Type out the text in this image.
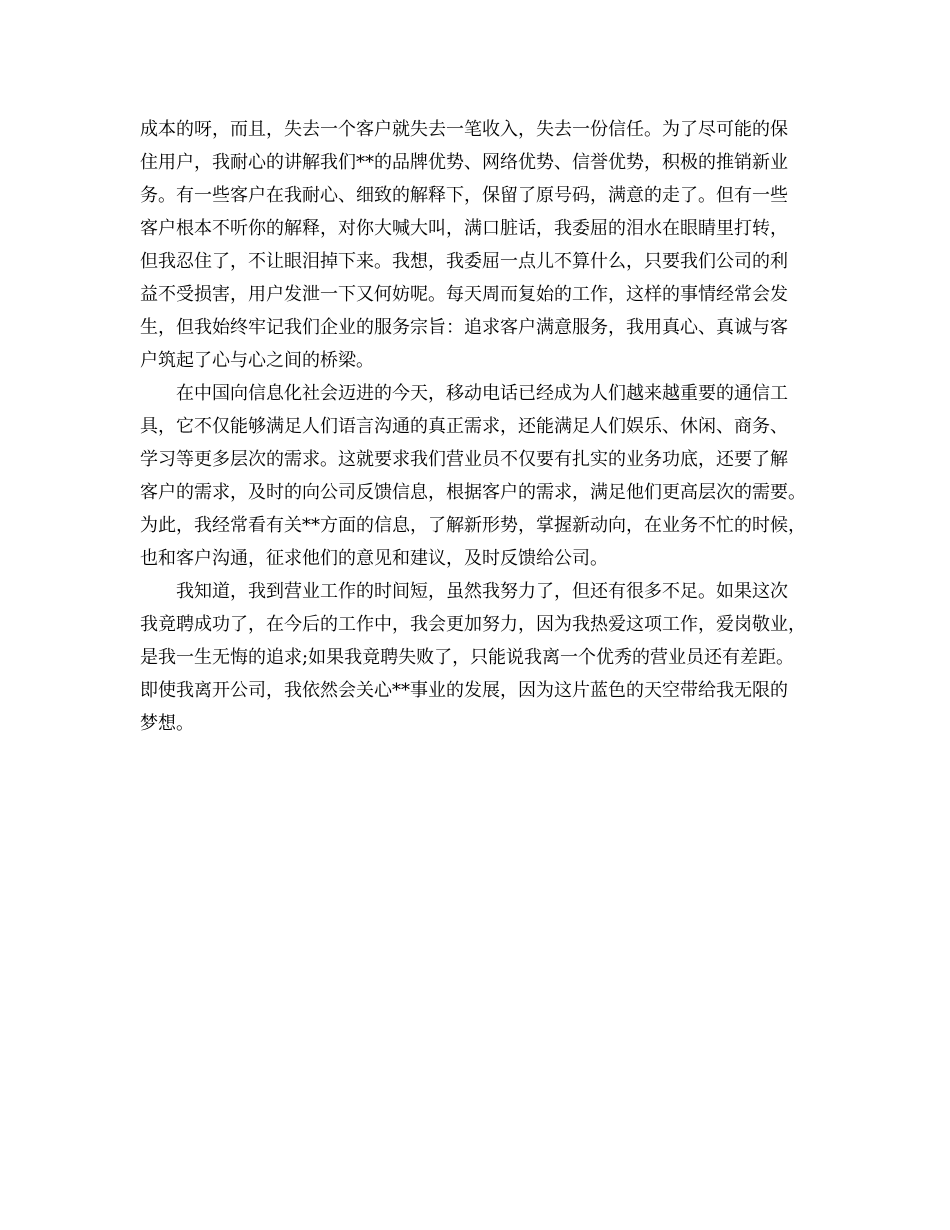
成本的呀，而且，失去一个客户就失去一笔收入，失去一份信任。为了尽可能的保

住用户，我耐心的讲解我们**的品牌优势、网络优势、信誉优势，积极的推销新业

务。有一些客户在我耐心、细致的解释下，保留了原号码，满意的走了。但有一些

客户根本不听你的解释，对你大喊大叫，满口脏话，我委屈的泪水在眼睛里打转，

但我忍住了，不让眼泪掉下来。我想，我委屈一点儿不算什么，只要我们公司的利

益不受损害，用户发泄一下又何妨呢。每天周而复始的工作，这样的事情经常会发

生，但我始终牢记我们企业的服务宗旨：追求客户满意服务，我用真心、真诚与客

户筑起了心与心之间的桥梁。

在中国向信息化社会迈进的今天，移动电话已经成为人们越来越重要的通信工

具，它不仅能够满足人们语言沟通的真正需求，还能满足人们娱乐、休闲、商务、

学习等更多层次的需求。这就要求我们营业员不仅要有扎实的业务功底，还要了解

客户的需求，及时的向公司反馈信息，根据客户的需求，满足他们更高层次的需要。

为此，我经常看有关**方面的信息，了解新形势，掌握新动向，在业务不忙的时候，

也和客户沟通，征求他们的意见和建议，及时反馈给公司。

我知道，我到营业工作的时间短，虽然我努力了，但还有很多不足。如果这次

我竟聘成功了，在今后的工作中，我会更加努力，因为我热爱这项工作，爱岗敬业，

是我一生无悔的追求;如果我竟聘失败了，只能说我离一个优秀的营业员还有差距。

即使我离开公司，我依然会关心**事业的发展，因为这片蓝色的天空带给我无限的

梦想。
